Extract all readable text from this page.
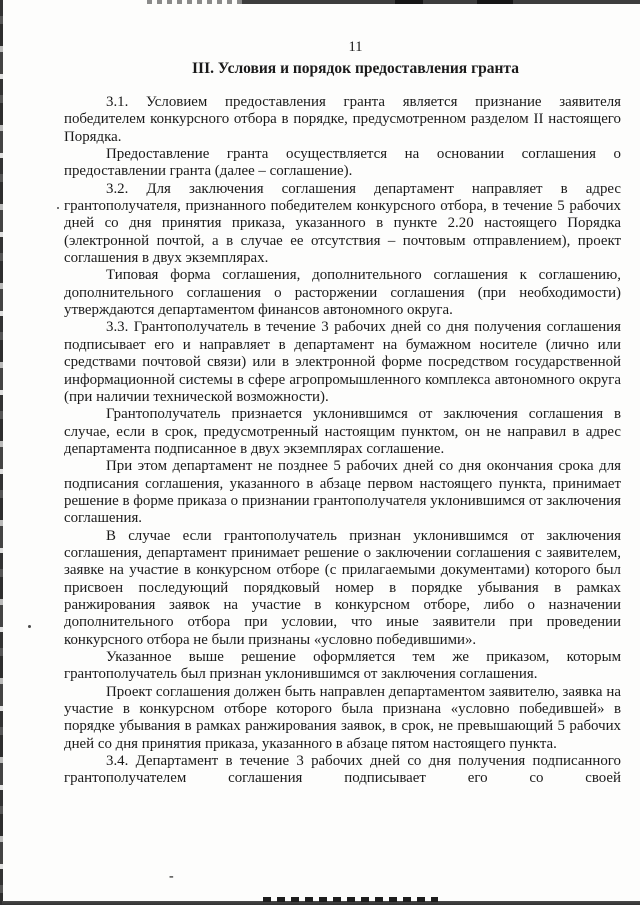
11
III. Условия и порядок предоставления гранта

3.1. Условием предоставления гранта является признание заявителя победителем конкурсного отбора в порядке, предусмотренном разделом II настоящего Порядка.

Предоставление гранта осуществляется на основании соглашения о предоставлении гранта (далее – соглашение).

3.2. Для заключения соглашения департамент направляет в адрес грантополучателя, признанного победителем конкурсного отбора, в течение 5 рабочих дней со дня принятия приказа, указанного в пункте 2.20 настоящего Порядка (электронной почтой, а в случае ее отсутствия – почтовым отправлением), проект соглашения в двух экземплярах.

Типовая форма соглашения, дополнительного соглашения к соглашению, дополнительного соглашения о расторжении соглашения (при необходимости) утверждаются департаментом финансов автономного округа.

3.3. Грантополучатель в течение 3 рабочих дней со дня получения соглашения подписывает его и направляет в департамент на бумажном носителе (лично или средствами почтовой связи) или в электронной форме посредством государственной информационной системы в сфере агропромышленного комплекса автономного округа (при наличии технической возможности).

Грантополучатель признается уклонившимся от заключения соглашения в случае, если в срок, предусмотренный настоящим пунктом, он не направил в адрес департамента подписанное в двух экземплярах соглашение.

При этом департамент не позднее 5 рабочих дней со дня окончания срока для подписания соглашения, указанного в абзаце первом настоящего пункта, принимает решение в форме приказа о признании грантополучателя уклонившимся от заключения соглашения.

В случае если грантополучатель признан уклонившимся от заключения соглашения, департамент принимает решение о заключении соглашения с заявителем, заявке на участие в конкурсном отборе (с прилагаемыми документами) которого был присвоен последующий порядковый номер в порядке убывания в рамках ранжирования заявок на участие в конкурсном отборе, либо о назначении дополнительного отбора при условии, что иные заявители при проведении конкурсного отбора не были признаны «условно победившими».

Указанное выше решение оформляется тем же приказом, которым грантополучатель был признан уклонившимся от заключения соглашения.

Проект соглашения должен быть направлен департаментом заявителю, заявка на участие в конкурсном отборе которого была признана «условно победившей» в порядке убывания в рамках ранжирования заявок, в срок, не превышающий 5 рабочих дней со дня принятия приказа, указанного в абзаце пятом настоящего пункта.

3.4. Департамент в течение 3 рабочих дней со дня получения подписанного грантополучателем соглашения подписывает его со своей

-
